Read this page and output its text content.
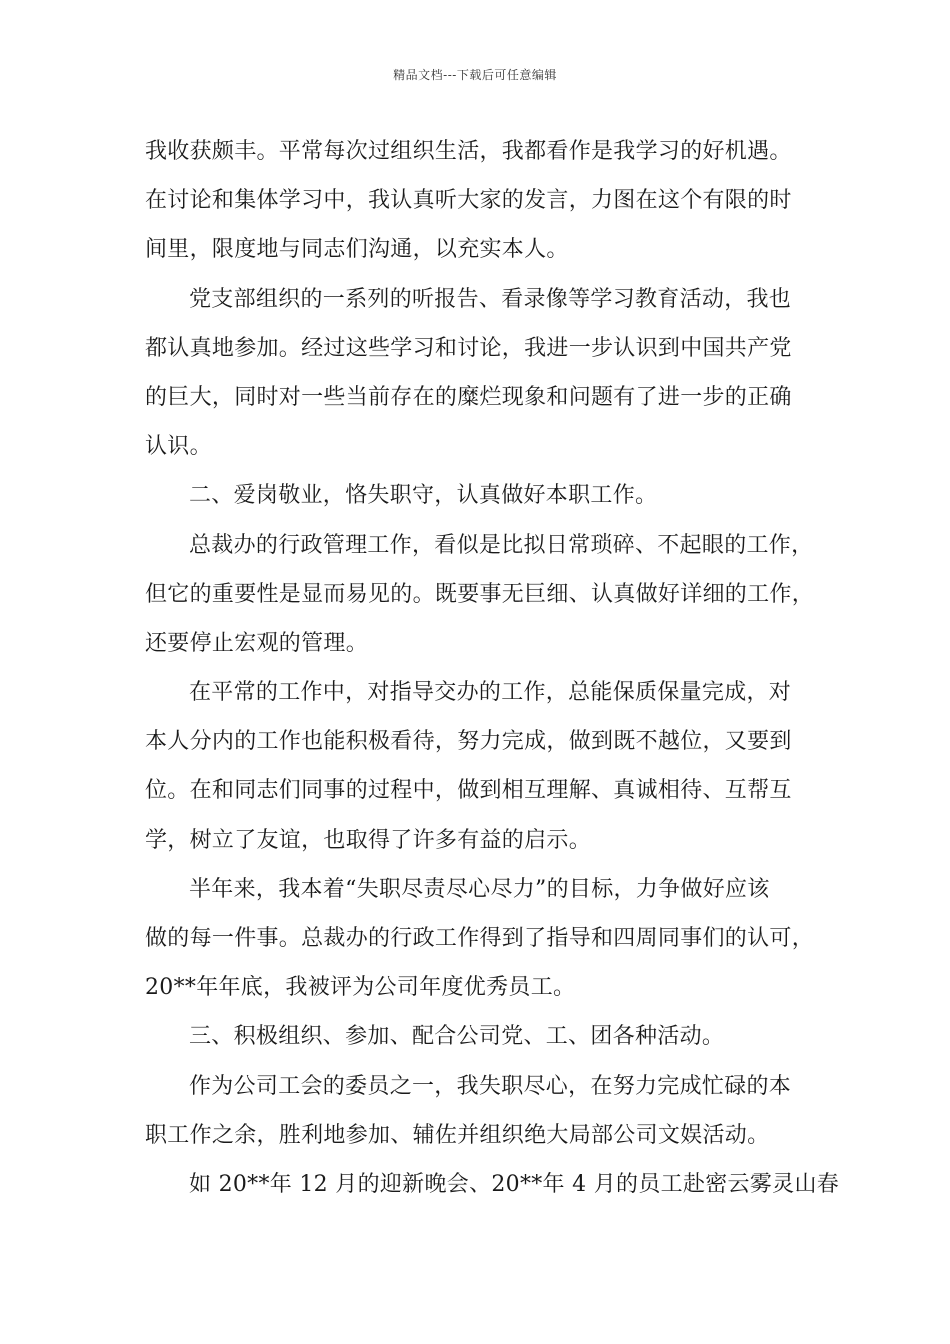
精品文档---下载后可任意编辑

我收获颇丰。平常每次过组织生活，我都看作是我学习的好机遇。
在讨论和集体学习中，我认真听大家的发言，力图在这个有限的时
间里，限度地与同志们沟通，以充实本人。

党支部组织的一系列的听报告、看录像等学习教育活动，我也
都认真地参加。经过这些学习和讨论，我进一步认识到中国共产党
的巨大，同时对一些当前存在的糜烂现象和问题有了进一步的正确
认识。

二、爱岗敬业，恪失职守，认真做好本职工作。

总裁办的行政管理工作，看似是比拟日常琐碎、不起眼的工作，
但它的重要性是显而易见的。既要事无巨细、认真做好详细的工作，
还要停止宏观的管理。

在平常的工作中，对指导交办的工作，总能保质保量完成，对
本人分内的工作也能积极看待，努力完成，做到既不越位，又要到
位。在和同志们同事的过程中，做到相互理解、真诚相待、互帮互
学，树立了友谊，也取得了许多有益的启示。

半年来，我本着“失职尽责尽心尽力”的目标，力争做好应该
做的每一件事。总裁办的行政工作得到了指导和四周同事们的认可，
20**年年底，我被评为公司年度优秀员工。

三、积极组织、参加、配合公司党、工、团各种活动。

作为公司工会的委员之一，我失职尽心，在努力完成忙碌的本
职工作之余，胜利地参加、辅佐并组织绝大局部公司文娱活动。

如 20**年 12 月的迎新晚会、20**年 4 月的员工赴密云雾灵山春
